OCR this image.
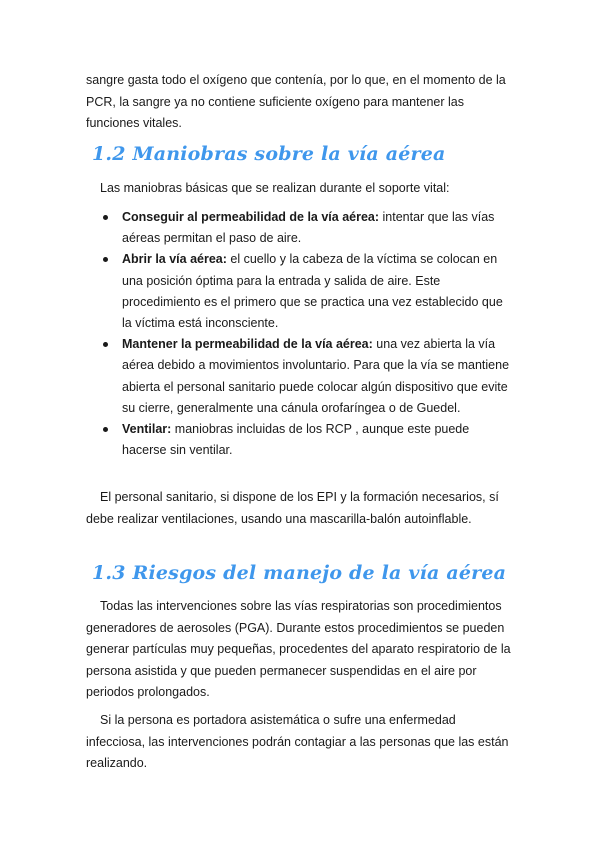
sangre gasta todo el oxígeno que contenía, por lo que, en el momento de la PCR, la sangre ya no contiene suficiente oxígeno para mantener las funciones vitales.

1.2 Maniobras sobre la vía aérea

Las maniobras básicas que se realizan durante el soporte vital:

Conseguir al permeabilidad de la vía aérea: intentar que las vías aéreas permitan el paso de aire.
Abrir la vía aérea: el cuello y la cabeza de la víctima se colocan en una posición óptima para la entrada y salida de aire. Este procedimiento es el primero que se practica una vez establecido que la víctima está inconsciente.
Mantener la permeabilidad de la vía aérea: una vez abierta la vía aérea debido a movimientos involuntario. Para que la vía se mantiene abierta el personal sanitario puede colocar algún dispositivo que evite su cierre, generalmente una cánula orofaríngea o de Guedel.
Ventilar: maniobras incluidas de los RCP , aunque este puede hacerse sin ventilar.

El personal sanitario, si dispone de los EPI y la formación necesarios, sí debe realizar ventilaciones, usando una mascarilla-balón autoinflable.

1.3 Riesgos del manejo de la vía aérea

Todas las intervenciones sobre las vías respiratorias son procedimientos generadores de aerosoles (PGA). Durante estos procedimientos se pueden generar partículas muy pequeñas, procedentes del aparato respiratorio de la persona asistida y que pueden permanecer suspendidas en el aire por periodos prolongados.

Si la persona es portadora asistemática o sufre una enfermedad infecciosa, las intervenciones podrán contagiar a las personas que las están realizando.
